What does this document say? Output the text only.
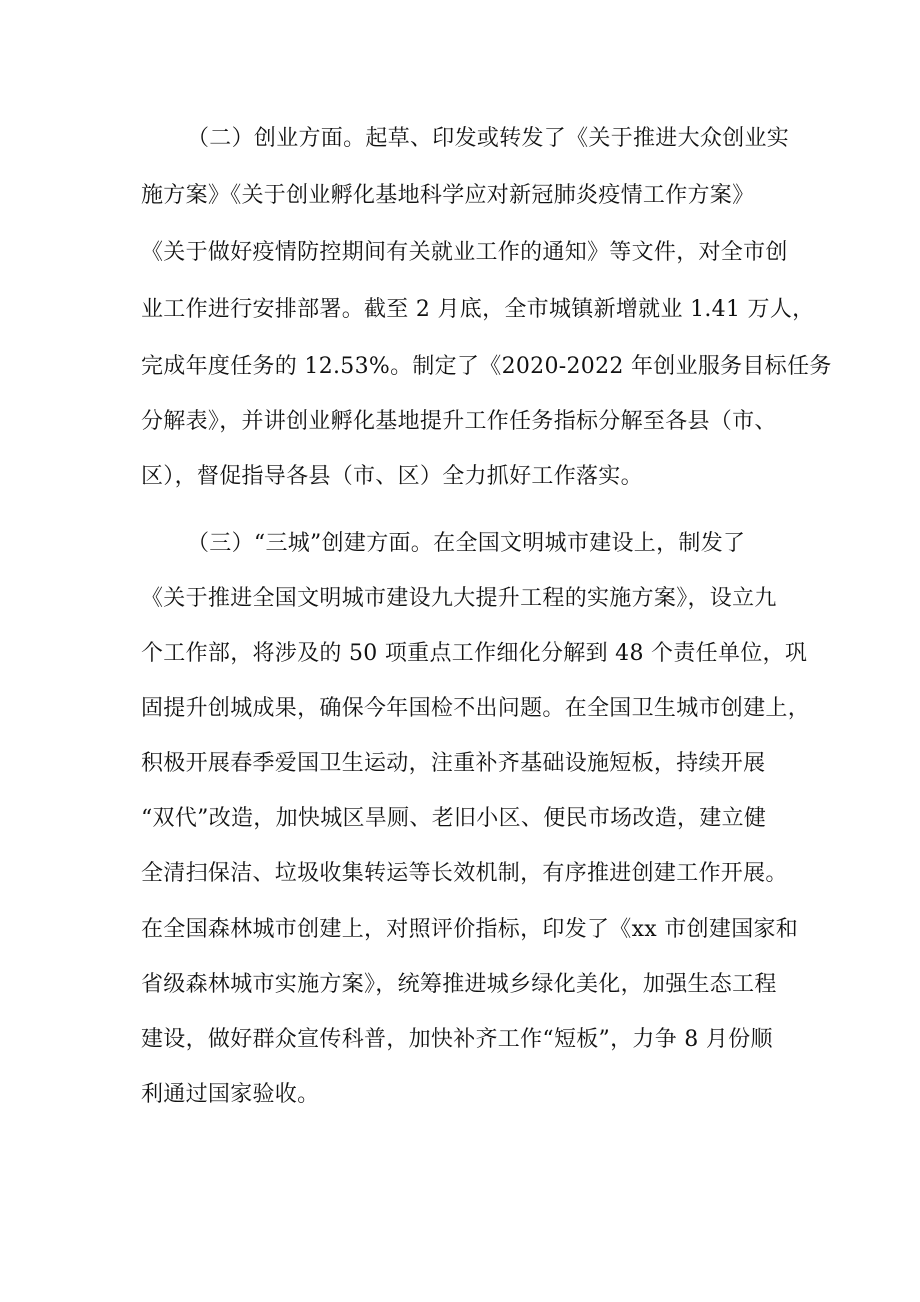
（二）创业方面。起草、印发或转发了《关于推进大众创业实
施方案》《关于创业孵化基地科学应对新冠肺炎疫情工作方案》
《关于做好疫情防控期间有关就业工作的通知》等文件，对全市创
业工作进行安排部署。截至 2 月底，全市城镇新增就业 1.41 万人，
完成年度任务的 12.53%。制定了《2020-2022 年创业服务目标任务
分解表》，并讲创业孵化基地提升工作任务指标分解至各县（市、
区），督促指导各县（市、区）全力抓好工作落实。
（三）“三城”创建方面。在全国文明城市建设上，制发了
《关于推进全国文明城市建设九大提升工程的实施方案》，设立九
个工作部，将涉及的 50 项重点工作细化分解到 48 个责任单位，巩
固提升创城成果，确保今年国检不出问题。在全国卫生城市创建上，
积极开展春季爱国卫生运动，注重补齐基础设施短板，持续开展
“双代”改造，加快城区旱厕、老旧小区、便民市场改造，建立健
全清扫保洁、垃圾收集转运等长效机制，有序推进创建工作开展。
在全国森林城市创建上，对照评价指标，印发了《xx 市创建国家和
省级森林城市实施方案》，统筹推进城乡绿化美化，加强生态工程
建设，做好群众宣传科普，加快补齐工作“短板”，力争 8 月份顺
利通过国家验收。
